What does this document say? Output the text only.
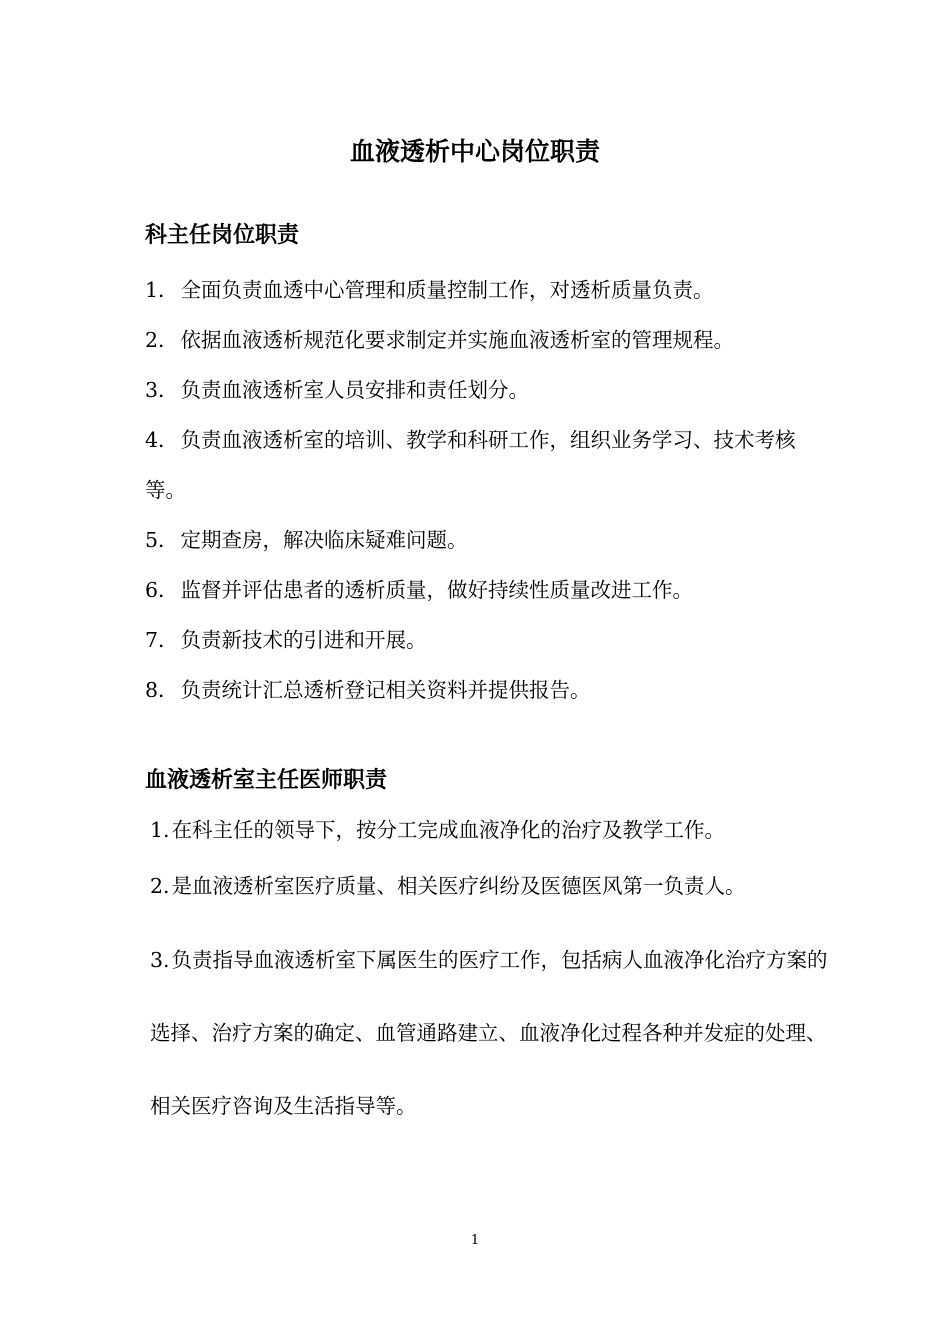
血液透析中心岗位职责
科主任岗位职责
1．全面负责血透中心管理和质量控制工作，对透析质量负责。
2．依据血液透析规范化要求制定并实施血液透析室的管理规程。
3．负责血液透析室人员安排和责任划分。
4．负责血液透析室的培训、教学和科研工作，组织业务学习、技术考核等。
5．定期查房，解决临床疑难问题。
6．监督并评估患者的透析质量，做好持续性质量改进工作。
7．负责新技术的引进和开展。
8．负责统计汇总透析登记相关资料并提供报告。
血液透析室主任医师职责
1.在科主任的领导下，按分工完成血液净化的治疗及教学工作。
2.是血液透析室医疗质量、相关医疗纠纷及医德医风第一负责人。
3.负责指导血液透析室下属医生的医疗工作，包括病人血液净化治疗方案的选择、治疗方案的确定、血管通路建立、血液净化过程各种并发症的处理、相关医疗咨询及生活指导等。
1
